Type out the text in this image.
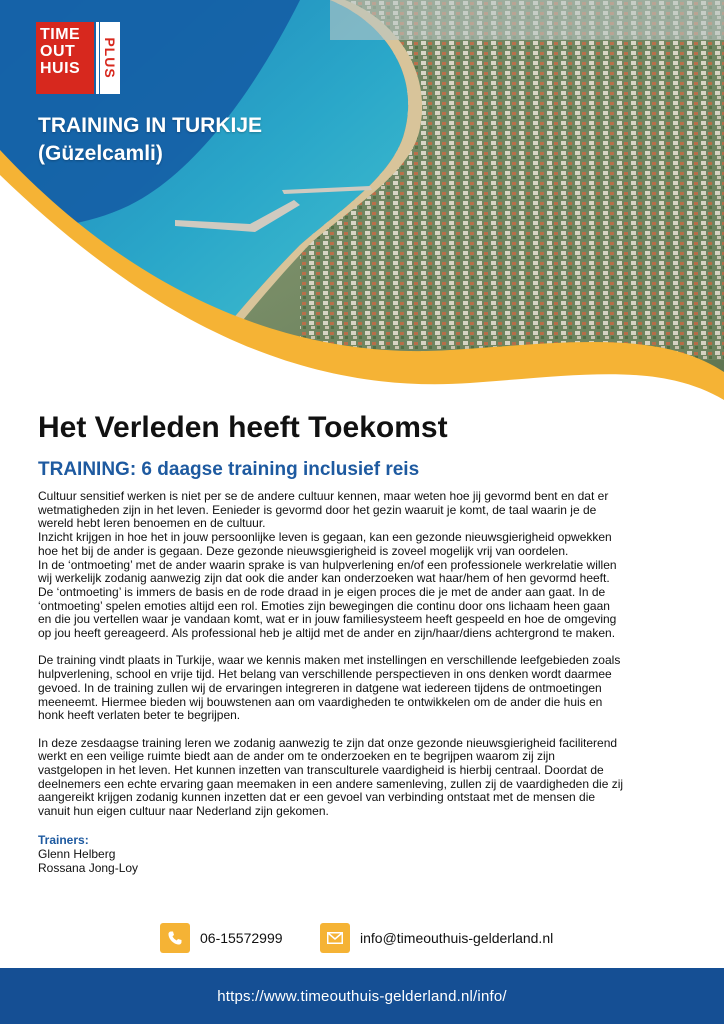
TIME
OUT
HUIS	PLUS
TRAINING IN TURKIJE
(Güzelcamli)
Het Verleden heeft Toekomst
TRAINING: 6 daagse training inclusief reis
Cultuur sensitief werken is niet per se de andere cultuur kennen, maar weten hoe jij gevormd bent en dat er
wetmatigheden zijn in het leven. Eenieder is gevormd door het gezin waaruit je komt, de taal waarin je de
wereld hebt leren benoemen en de cultuur.
Inzicht krijgen in hoe het in jouw persoonlijke leven is gegaan, kan een gezonde nieuwsgierigheid opwekken
hoe het bij de ander is gegaan. Deze gezonde nieuwsgierigheid is zoveel mogelijk vrij van oordelen.
In de ‘ontmoeting’ met de ander waarin sprake is van hulpverlening en/of een professionele werkrelatie willen
wij werkelijk zodanig aanwezig zijn dat ook die ander kan onderzoeken wat haar/hem of hen gevormd heeft.
De ‘ontmoeting’ is immers de basis en de rode draad in je eigen proces die je met de ander aan gaat. In de
‘ontmoeting’ spelen emoties altijd een rol. Emoties zijn bewegingen die continu door ons lichaam heen gaan
en die jou vertellen waar je vandaan komt, wat er in jouw familiesysteem heeft gespeeld en hoe de omgeving
op jou heeft gereageerd. Als professional heb je altijd met de ander en zijn/haar/diens achtergrond te maken.
De training vindt plaats in Turkije, waar we kennis maken met instellingen en verschillende leefgebieden zoals
hulpverlening, school en vrije tijd. Het belang van verschillende perspectieven in ons denken wordt daarmee
gevoed. In de training zullen wij de ervaringen integreren in datgene wat iedereen tijdens de ontmoetingen
meeneemt. Hiermee bieden wij bouwstenen aan om vaardigheden te ontwikkelen om de ander die huis en
honk heeft verlaten beter te begrijpen.
In deze zesdaagse training leren we zodanig aanwezig te zijn dat onze gezonde nieuwsgierigheid faciliterend
werkt en een veilige ruimte biedt aan de ander om te onderzoeken en te begrijpen waarom zij zijn
vastgelopen in het leven. Het kunnen inzetten van transculturele vaardigheid is hierbij centraal. Doordat de
deelnemers een echte ervaring gaan meemaken in een andere samenleving, zullen zij de vaardigheden die zij
aangereikt krijgen zodanig kunnen inzetten dat er een gevoel van verbinding ontstaat met de mensen die
vanuit hun eigen cultuur naar Nederland zijn gekomen.
Trainers:
Glenn Helberg
Rossana Jong-Loy
06-15572999	info@timeouthuis-gelderland.nl
https://www.timeouthuis-gelderland.nl/info/
